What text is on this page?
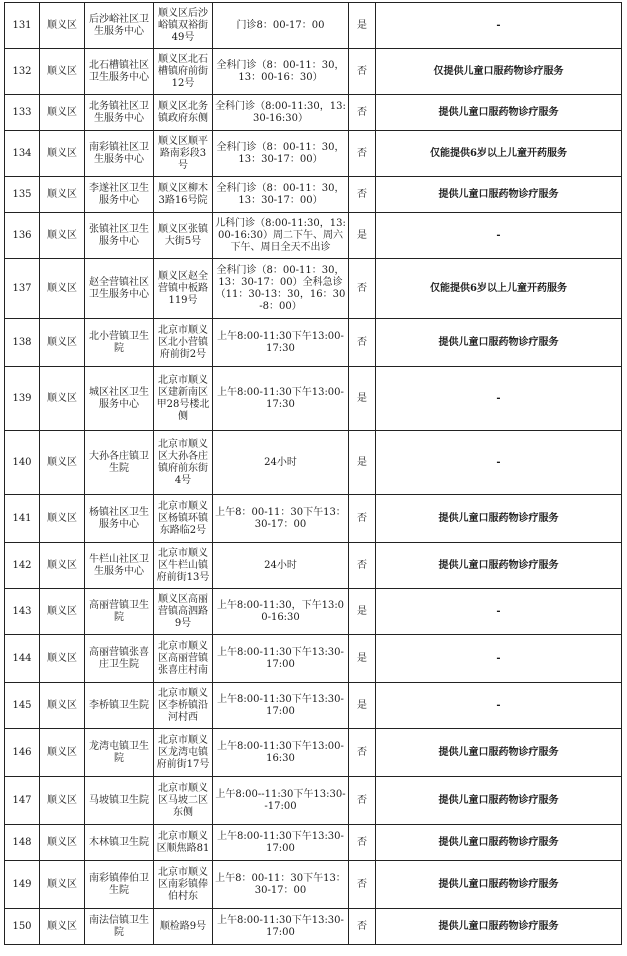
131	顺义区	后沙峪社区卫生服务中心	顺义区后沙峪镇双裕街49号	门诊8：00-17：00	是	-
132	顺义区	北石槽镇社区卫生服务中心	顺义区北石槽镇府前街12号	全科门诊（8：00-11：30，13：00-16：30）	否	仅提供儿童口服药物诊疗服务
133	顺义区	北务镇社区卫生服务中心	顺义区北务镇政府东侧	全科门诊（8:00-11:30，13:30-16:30）	否	提供儿童口服药物诊疗服务
134	顺义区	南彩镇社区卫生服务中心	顺义区顺平路南彩段3号	全科门诊（8：00-11：30，13：30-17：00）	否	仅能提供6岁以上儿童开药服务
135	顺义区	李遂社区卫生服务中心	顺义区柳木3路16号院	全科门诊（8：00-11：30，13：30-17：00）	否	提供儿童口服药物诊疗服务
136	顺义区	张镇社区卫生服务中心	顺义区张镇大街5号	儿科门诊（8:00-11:30，13:00-16:30）周二下午、周六下午、周日全天不出诊	是	-
137	顺义区	赵全营镇社区卫生服务中心	顺义区赵全营镇中板路119号	全科门诊（8：00-11：30，13：30-17：00）全科急诊（11：30-13：30，16：30-8：00）	否	仅能提供6岁以上儿童开药服务
138	顺义区	北小营镇卫生院	北京市顺义区北小营镇府前街2号	上午8:00-11:30下午13:00-17:30	否	提供儿童口服药物诊疗服务
139	顺义区	城区社区卫生服务中心	北京市顺义区建新南区甲28号楼北侧	上午8:00-11:30下午13:00-17:30	是	-
140	顺义区	大孙各庄镇卫生院	北京市顺义区大孙各庄镇府前东街4号	24小时	是	-
141	顺义区	杨镇社区卫生服务中心	北京市顺义区杨镇环镇东路临2号	上午8：00-11：30下午13：30-17：00	否	提供儿童口服药物诊疗服务
142	顺义区	牛栏山社区卫生服务中心	北京市顺义区牛栏山镇府前街13号	24小时	否	提供儿童口服药物诊疗服务
143	顺义区	高丽营镇卫生院	顺义区高丽营镇高泗路9号	上午8:00-11:30，下午13:00-16:30	是	-
144	顺义区	高丽营镇张喜庄卫生院	北京市顺义区高丽营镇张喜庄村南	上午8:00-11:30下午13:30-17:00	是	-
145	顺义区	李桥镇卫生院	北京市顺义区李桥镇沿河村西	上午8:00-11:30下午13:30-17:00	是	-
146	顺义区	龙湾屯镇卫生院	北京市顺义区龙湾屯镇府前街17号	上午8:00-11:30下午13:00-16:30	否	提供儿童口服药物诊疗服务
147	顺义区	马坡镇卫生院	北京市顺义区马坡二区东侧	上午8:00--11:30下午13:30--17:00	否	提供儿童口服药物诊疗服务
148	顺义区	木林镇卫生院	北京市顺义区顺焦路81	上午8:00-11:30下午13:30-17:00	否	提供儿童口服药物诊疗服务
149	顺义区	南彩镇俸伯卫生院	北京市顺义区南彩镇俸伯村东	上午8：00-11：30下午13：30-17：00	否	提供儿童口服药物诊疗服务
150	顺义区	南法信镇卫生院	顺检路9号	上午8:00-11:30下午13:30-17:00	否	提供儿童口服药物诊疗服务
